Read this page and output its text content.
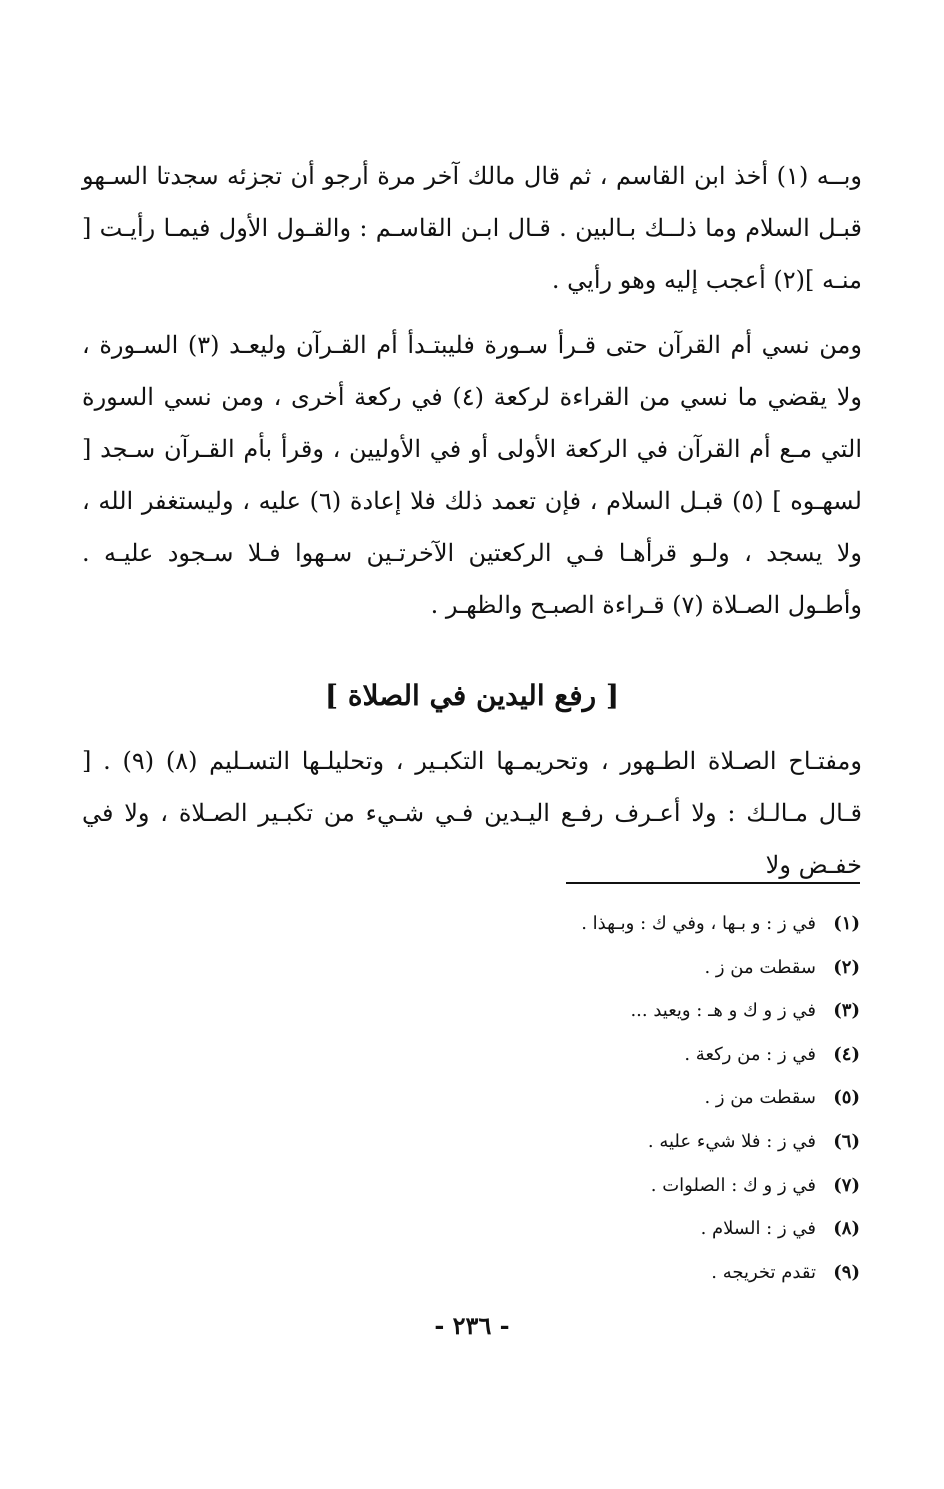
وبــه (١) أخذ ابن القاسم ، ثم قال مالك آخر مرة أرجو أن تجزئه سجدتا السـهو قبـل السلام وما ذلــك بـالبين . قـال ابـن القاسـم : والقـول الأول فيمـا رأيـت [ منـه ](٢) أعجب إليه وهو رأيي .

ومن نسي أم القرآن حتى قـرأ سـورة فليبتـدأ أم القـرآن وليعـد (٣) السـورة ، ولا يقضي ما نسي من القراءة لركعة (٤) في ركعة أخرى ، ومن نسي السورة التي مـع أم القرآن في الركعة الأولى أو في الأوليين ، وقرأ بأم القـرآن سـجد [ لسهـوه ] (٥) قبـل السلام ، فإن تعمد ذلك فلا إعادة (٦) عليه ، وليستغفر الله ، ولا يسجد ، ولـو قرأهـا فـي الركعتين الآخرتـين سـهوا فـلا سـجود عليـه . وأطـول الصـلاة (٧) قـراءة الصبـح والظهـر .

[ رفع اليدين في الصلاة ]

ومفتـاح الصـلاة الطـهور ، وتحريمـها التكبـير ، وتحليلـها التسـليم (٨) (٩) . [ قـال مـالـك : ولا أعـرف رفـع اليـدين فـي شـيء من تكبـير الصـلاة ، ولا في خفـض ولا

(١)في ز : و بـها ، وفي ك : وبـهذا .
(٢)سقطت من ز .
(٣)في ز و ك و هـ : ويعيد ...
(٤)في ز : من ركعة .
(٥)سقطت من ز .
(٦)في ز : فلا شيء عليه .
(٧)في ز و ك : الصلوات .
(٨)في ز : السلام .
(٩)تقدم تخريجه .
- ٢٣٦ -
